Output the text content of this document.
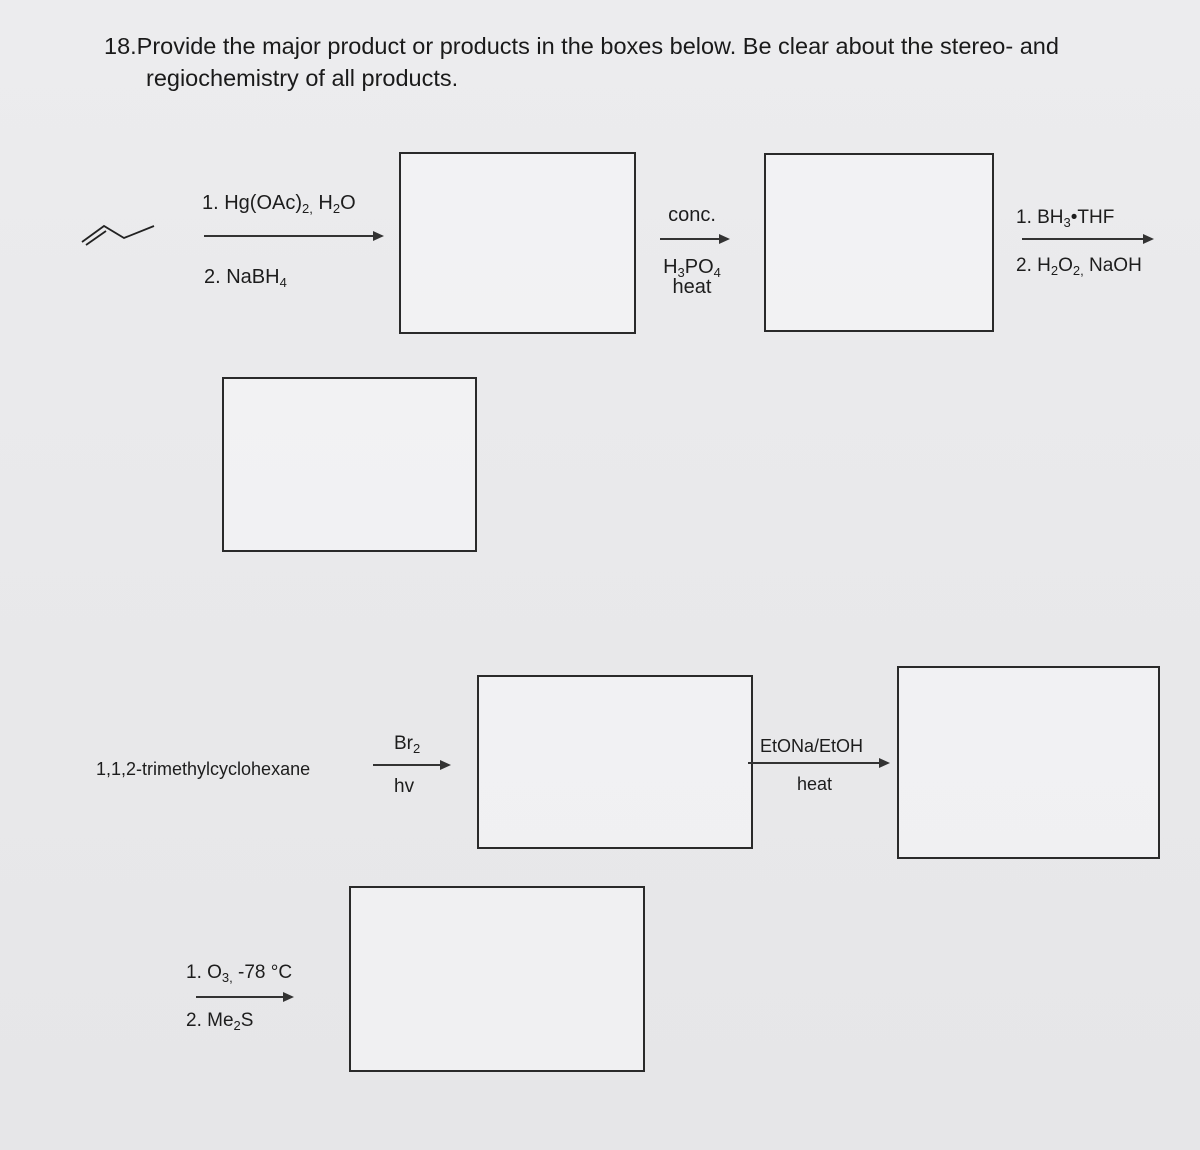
18.Provide the major product or products in the boxes below. Be clear about the stereo- and
regiochemistry of all products.
1. $Hg(OAc)_{2,}$ $H_2O$
2. NaBH$_4$
conc.
$H_3PO_4$
heat
1. $BH_3•THF$
2. $H_2O_{2,}$ NaOH
1,1,2-trimethylcyclohexane
$Br_2$
hv
EtONa/EtOH
heat
1. $O_{3,}$ -78 °C
2. $Me_2S$
